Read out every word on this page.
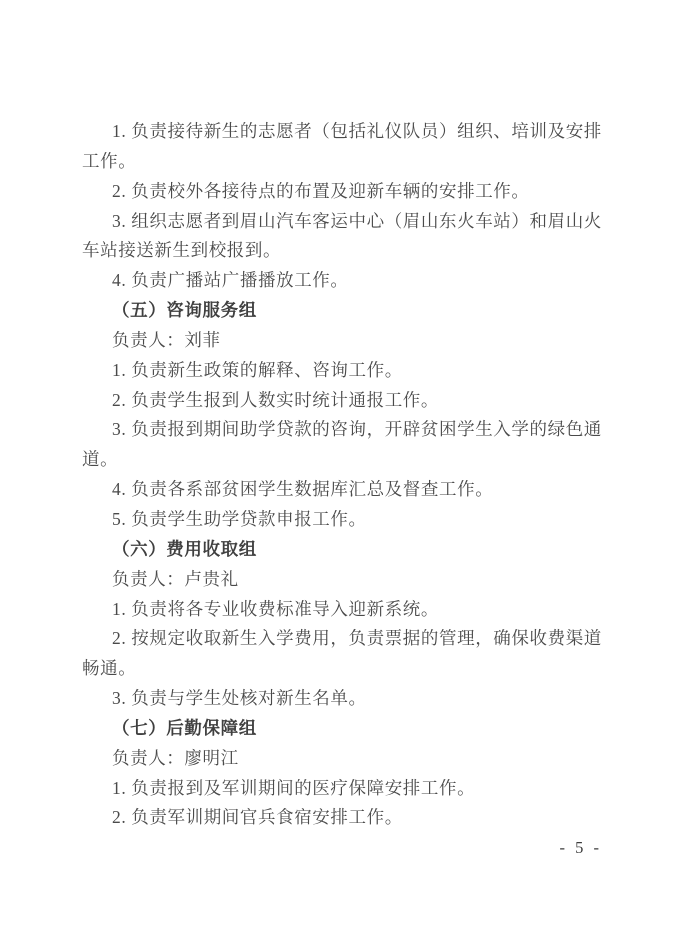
1. 负责接待新生的志愿者（包括礼仪队员）组织、培训及安排
工作。
2. 负责校外各接待点的布置及迎新车辆的安排工作。
3. 组织志愿者到眉山汽车客运中心（眉山东火车站）和眉山火
车站接送新生到校报到。
4. 负责广播站广播播放工作。
（五）咨询服务组
负责人：刘菲
1. 负责新生政策的解释、咨询工作。
2. 负责学生报到人数实时统计通报工作。
3. 负责报到期间助学贷款的咨询，开辟贫困学生入学的绿色通
道。
4. 负责各系部贫困学生数据库汇总及督查工作。
5. 负责学生助学贷款申报工作。
（六）费用收取组
负责人：卢贵礼
1. 负责将各专业收费标准导入迎新系统。
2. 按规定收取新生入学费用，负责票据的管理，确保收费渠道
畅通。
3. 负责与学生处核对新生名单。
（七）后勤保障组
负责人：廖明江
1. 负责报到及军训期间的医疗保障安排工作。
2. 负责军训期间官兵食宿安排工作。
- 5 -
